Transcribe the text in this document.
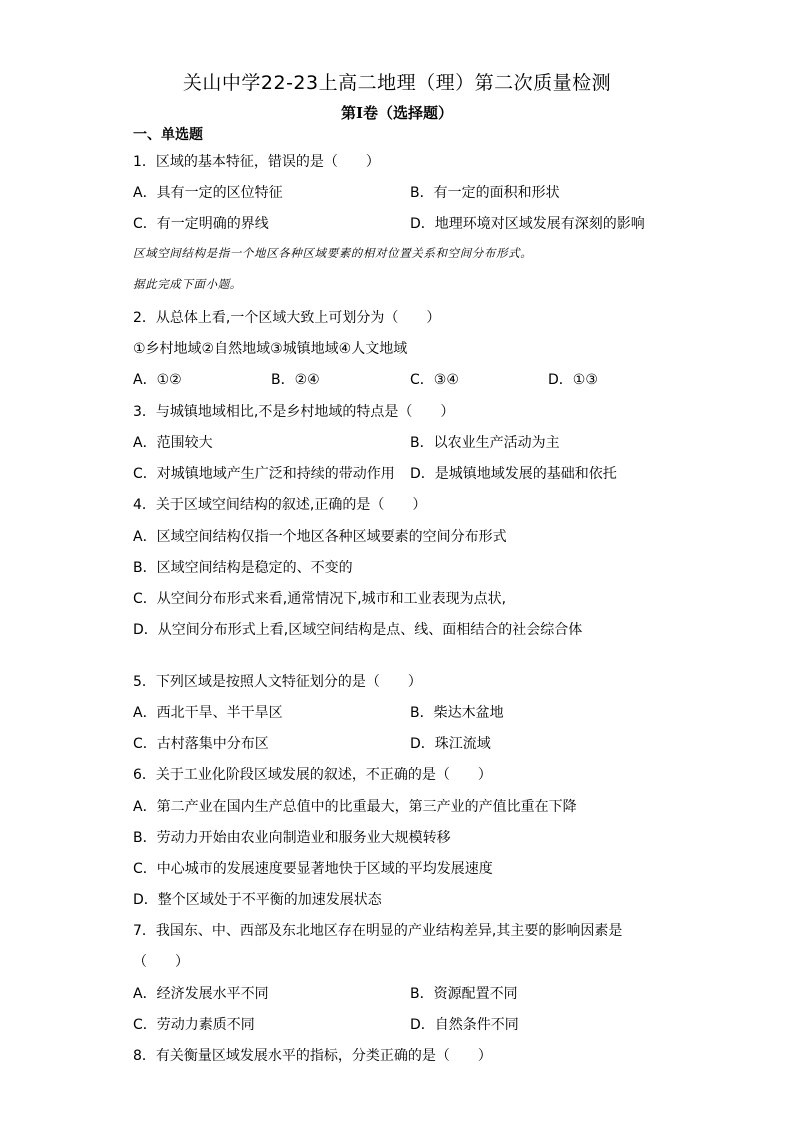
关山中学22-23上高二地理（理）第二次质量检测
第Ⅰ卷（选择题）
一、单选题
1．区域的基本特征，错误的是（　　）
A．具有一定的区位特征	B．有一定的面积和形状
C．有一定明确的界线	D．地理环境对区域发展有深刻的影响
区域空间结构是指一个地区各种区域要素的相对位置关系和空间分布形式。
据此完成下面小题。
2．从总体上看,一个区域大致上可划分为（　　）
①乡村地域②自然地域③城镇地域④人文地域
A．①②	B．②④	C．③④	D．①③
3．与城镇地域相比,不是乡村地域的特点是（　　）
A．范围较大	B．以农业生产活动为主
C．对城镇地域产生广泛和持续的带动作用 D．是城镇地域发展的基础和依托
4．关于区域空间结构的叙述,正确的是（　　）
A．区域空间结构仅指一个地区各种区域要素的空间分布形式
B．区域空间结构是稳定的、不变的
C．从空间分布形式来看,通常情况下,城市和工业表现为点状,
D．从空间分布形式上看,区域空间结构是点、线、面相结合的社会综合体
5．下列区域是按照人文特征划分的是（　　）
A．西北干旱、半干旱区	B．柴达木盆地
C．古村落集中分布区	D．珠江流域
6．关于工业化阶段区域发展的叙述，不正确的是（　　）
A．第二产业在国内生产总值中的比重最大，第三产业的产值比重在下降
B．劳动力开始由农业向制造业和服务业大规模转移
C．中心城市的发展速度要显著地快于区域的平均发展速度
D．整个区域处于不平衡的加速发展状态
7．我国东、中、西部及东北地区存在明显的产业结构差异,其主要的影响因素是
（　　）
A．经济发展水平不同	B．资源配置不同
C．劳动力素质不同	D．自然条件不同
8．有关衡量区域发展水平的指标，分类正确的是（　　）
